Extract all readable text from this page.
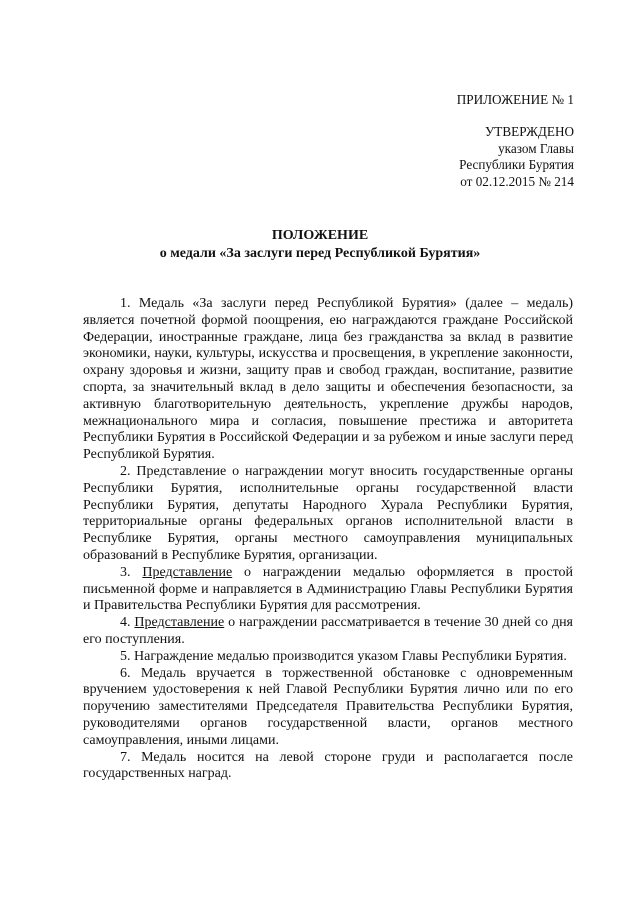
ПРИЛОЖЕНИЕ № 1
УТВЕРЖДЕНО
указом Главы
Республики Бурятия
от 02.12.2015 № 214
ПОЛОЖЕНИЕ
о медали «За заслуги перед Республикой Бурятия»

1. Медаль «За заслуги перед Республикой Бурятия» (далее – медаль) является почетной формой поощрения, ею награждаются граждане Российской Федерации, иностранные граждане, лица без гражданства за вклад в развитие экономики, науки, культуры, искусства и просвещения, в укрепление законности, охрану здоровья и жизни, защиту прав и свобод граждан, воспитание, развитие спорта, за значительный вклад в дело защиты и обеспечения безопасности, за активную благотворительную деятельность, укрепление дружбы народов, межнационального мира и согласия, повышение престижа и авторитета Республики Бурятия в Российской Федерации и за рубежом и иные заслуги перед Республикой Бурятия.

2. Представление о награждении могут вносить государственные органы Республики Бурятия, исполнительные органы государственной власти Республики Бурятия, депутаты Народного Хурала Республики Бурятия, территориальные органы федеральных органов исполнительной власти в Республике Бурятия, органы местного самоуправления муниципальных образований в Республике Бурятия, организации.

3. Представление о награждении медалью оформляется в простой письменной форме и направляется в Администрацию Главы Республики Бурятия и Правительства Республики Бурятия для рассмотрения.

4. Представление о награждении рассматривается в течение 30 дней со дня его поступления.

5. Награждение медалью производится указом Главы Республики Бурятия.

6. Медаль вручается в торжественной обстановке с одновременным вручением удостоверения к ней Главой Республики Бурятия лично или по его поручению заместителями Председателя Правительства Республики Бурятия, руководителями органов государственной власти, органов местного самоуправления, иными лицами.

7. Медаль носится на левой стороне груди и располагается после государственных наград.
